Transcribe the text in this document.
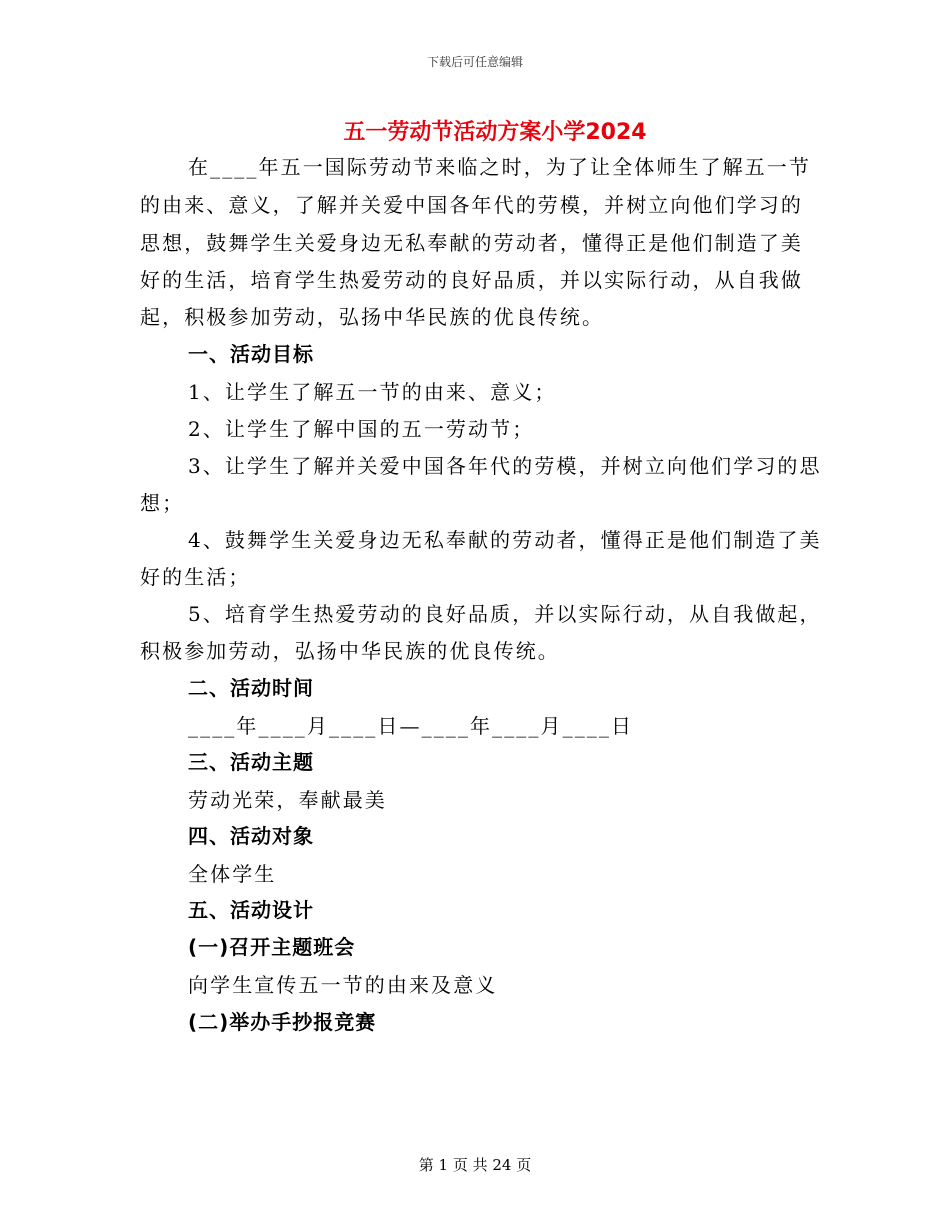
下载后可任意编辑
五一劳动节活动方案小学2024
在____年五一国际劳动节来临之时，为了让全体师生了解五一节
的由来、意义，了解并关爱中国各年代的劳模，并树立向他们学习的
思想，鼓舞学生关爱身边无私奉献的劳动者，懂得正是他们制造了美
好的生活，培育学生热爱劳动的良好品质，并以实际行动，从自我做
起，积极参加劳动，弘扬中华民族的优良传统。
一、活动目标
1、让学生了解五一节的由来、意义；
2、让学生了解中国的五一劳动节；
3、让学生了解并关爱中国各年代的劳模，并树立向他们学习的思
想；
4、鼓舞学生关爱身边无私奉献的劳动者，懂得正是他们制造了美
好的生活；
5、培育学生热爱劳动的良好品质，并以实际行动，从自我做起，
积极参加劳动，弘扬中华民族的优良传统。
二、活动时间
____年____月____日—____年____月____日
三、活动主题
劳动光荣，奉献最美
四、活动对象
全体学生
五、活动设计
(一)召开主题班会
向学生宣传五一节的由来及意义
(二)举办手抄报竞赛
第 1 页 共 24 页
